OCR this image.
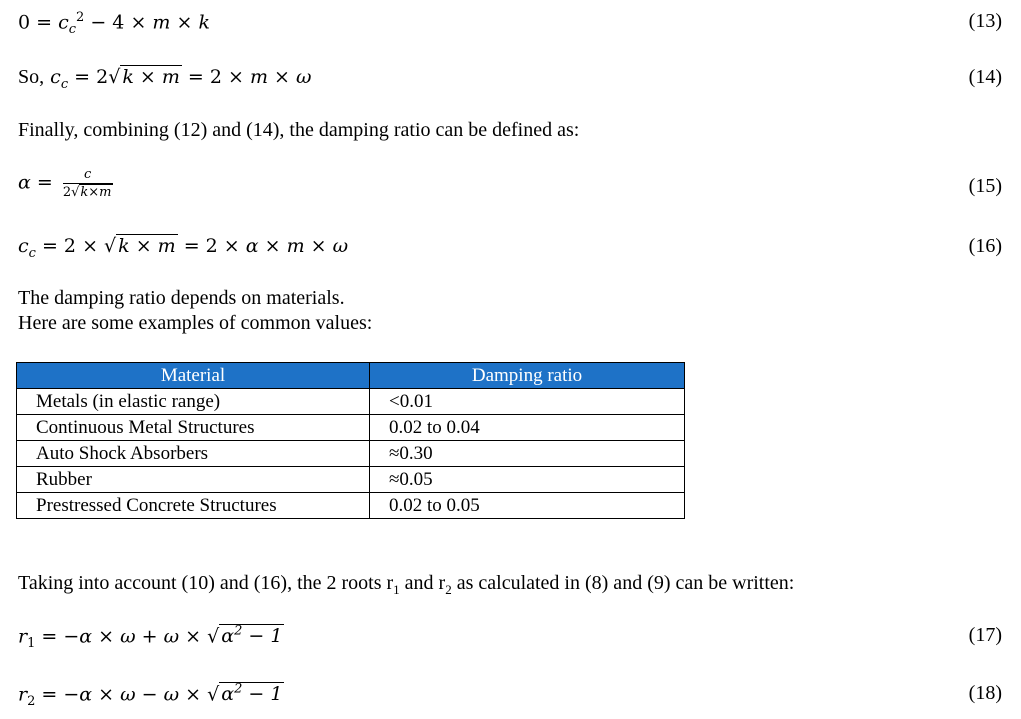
$0 = c_c^2 - 4 \times m \times k$	(13)
So, $c_c = 2√$ k × m = 2 × m × ω	(14)
Finally, combining (12) and (14), the damping ratio can be defined as:
$\alpha = \frac{c}{2√k\times m}$	(15)
$c_c = 2$ × √ k × m = 2 × α × m × ω	(16)
The damping ratio depends on materials.
Here are some examples of common values:
Material	Damping ratio
Metals (in elastic range)	<0.01
Continuous Metal Structures	0.02 to 0.04
Auto Shock Absorbers	≈0.30
Rubber	≈0.05
Prestressed Concrete Structures	0.02 to 0.05
Taking into account (10) and (16), the 2 roots $r_1$ and $r_2$ as calculated in (8) and (9) can be written:
$r_1 = -\alpha \times \omega + \omega$ × √ $\alpha^2 - 1$	(17)
$r_2 = -\alpha \times \omega - \omega$ × √ $\alpha^2 - 1$	(18)
